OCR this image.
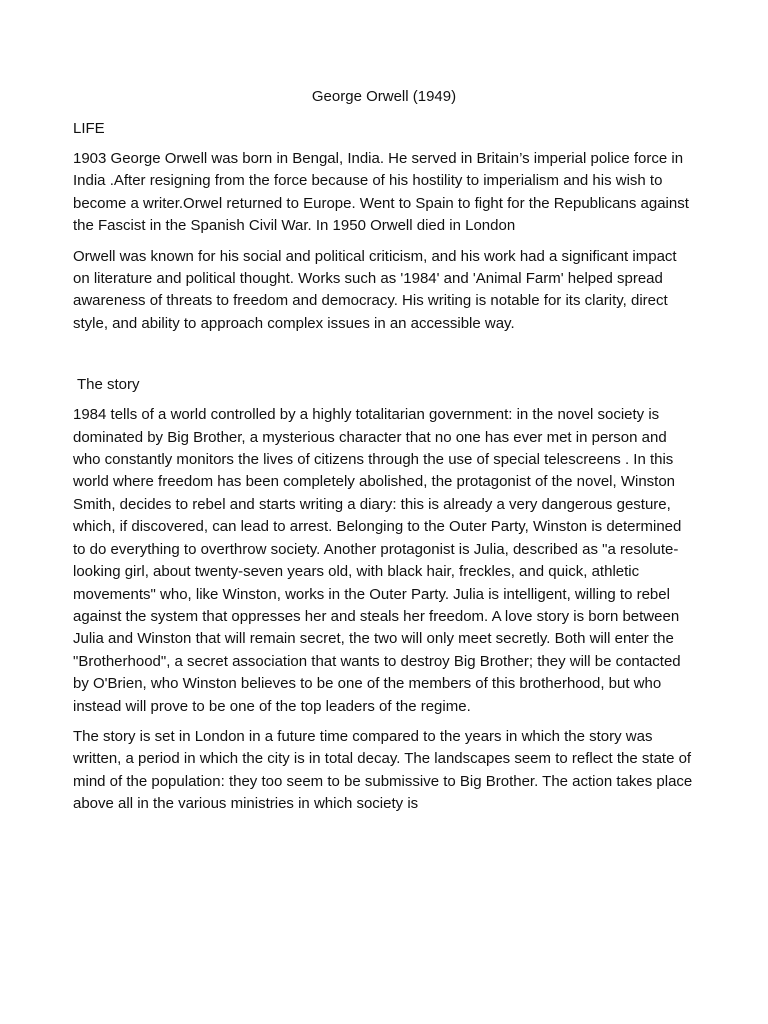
George Orwell (1949)
LIFE

1903 George Orwell was born in Bengal, India. He served in Britain’s imperial police force in India .After resigning from the force because of his hostility to imperialism and his wish to become a writer.Orwel returned to Europe. Went to Spain to fight for the Republicans against the Fascist in the Spanish Civil War. In 1950 Orwell died in London

Orwell was known for his social and political criticism, and his work had a significant impact on literature and political thought. Works such as '1984' and 'Animal Farm' helped spread awareness of threats to freedom and democracy. His writing is notable for its clarity, direct style, and ability to approach complex issues in an accessible way.

The story

1984 tells of a world controlled by a highly totalitarian government: in the novel society is dominated by Big Brother, a mysterious character that no one has ever met in person and who constantly monitors the lives of citizens through the use of special telescreens . In this world where freedom has been completely abolished, the protagonist of the novel, Winston Smith, decides to rebel and starts writing a diary: this is already a very dangerous gesture, which, if discovered, can lead to arrest. Belonging to the Outer Party, Winston is determined to do everything to overthrow society. Another protagonist is Julia, described as "a resolute-looking girl, about twenty-seven years old, with black hair, freckles, and quick, athletic movements" who, like Winston, works in the Outer Party. Julia is intelligent, willing to rebel against the system that oppresses her and steals her freedom. A love story is born between Julia and Winston that will remain secret, the two will only meet secretly. Both will enter the "Brotherhood", a secret association that wants to destroy Big Brother; they will be contacted by O'Brien, who Winston believes to be one of the members of this brotherhood, but who instead will prove to be one of the top leaders of the regime.

The story is set in London in a future time compared to the years in which the story was written, a period in which the city is in total decay. The landscapes seem to reflect the state of mind of the population: they too seem to be submissive to Big Brother. The action takes place above all in the various ministries in which society is
